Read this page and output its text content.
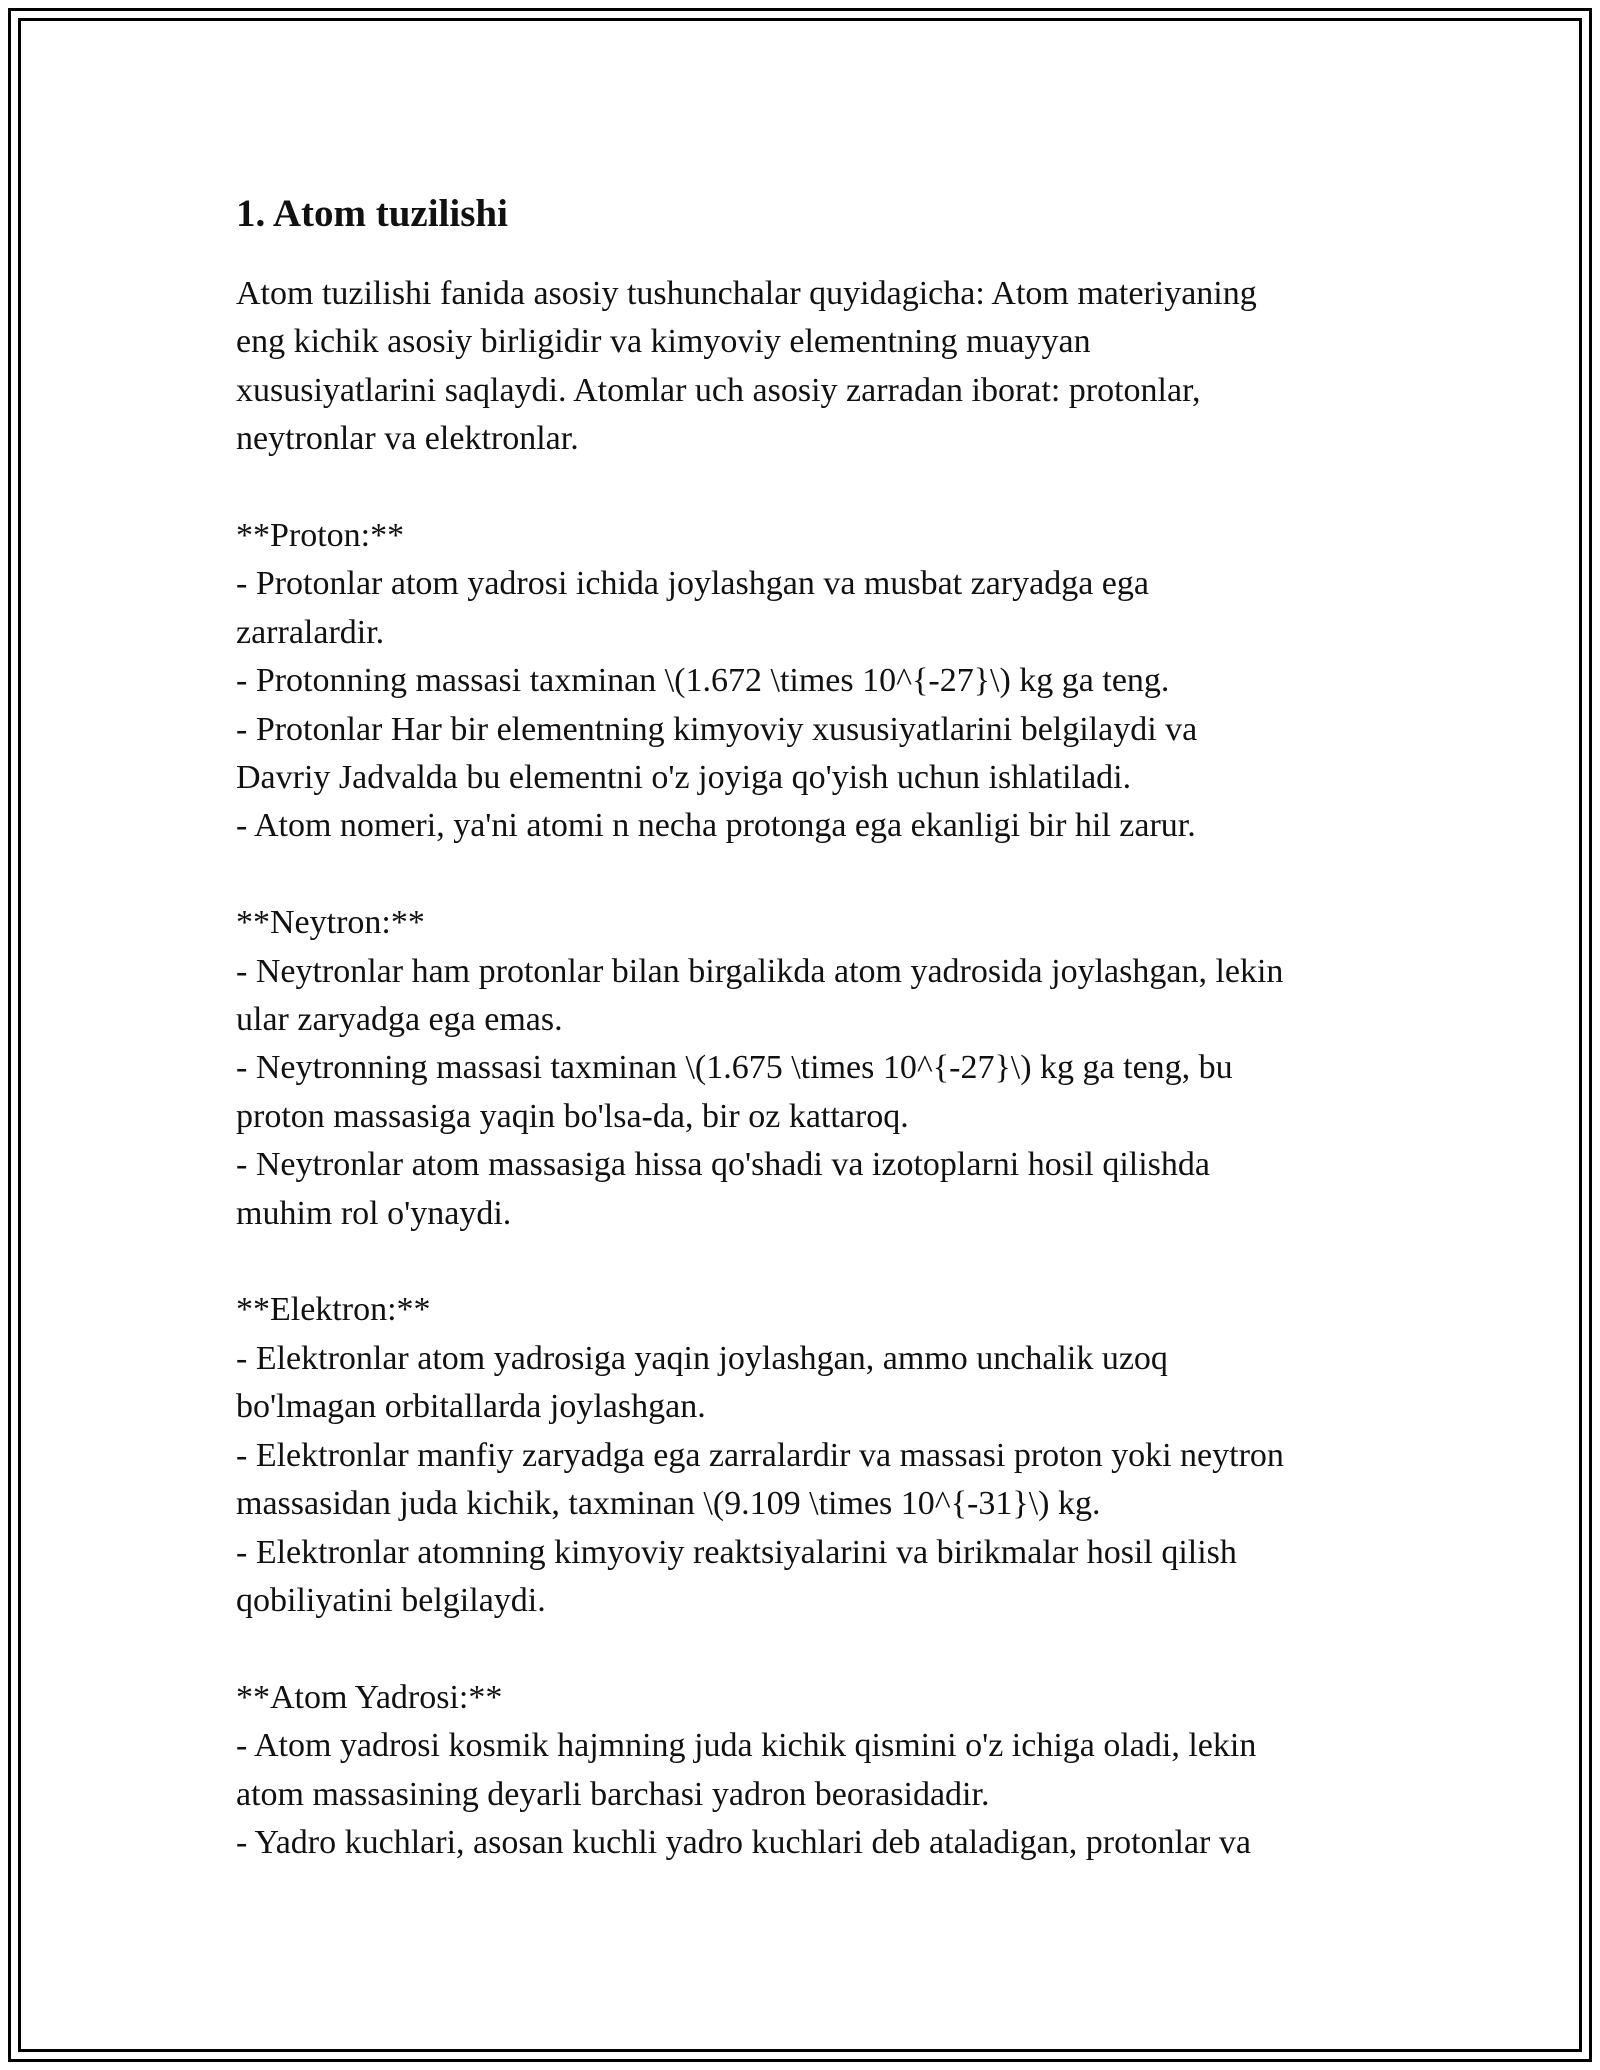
1. Atom tuzilishi
Atom tuzilishi fanida asosiy tushunchalar quyidagicha: Atom materiyaning
eng kichik asosiy birligidir va kimyoviy elementning muayyan
xususiyatlarini saqlaydi. Atomlar uch asosiy zarradan iborat: protonlar,
neytronlar va elektronlar.
**Proton:**
- Protonlar atom yadrosi ichida joylashgan va musbat zaryadga ega
zarralardir.
- Protonning massasi taxminan \(1.672 \times 10^{-27}\) kg ga teng.
- Protonlar Har bir elementning kimyoviy xususiyatlarini belgilaydi va
Davriy Jadvalda bu elementni o'z joyiga qo'yish uchun ishlatiladi.
- Atom nomeri, ya'ni atomi n necha protonga ega ekanligi bir hil zarur.
**Neytron:**
- Neytronlar ham protonlar bilan birgalikda atom yadrosida joylashgan, lekin
ular zaryadga ega emas.
- Neytronning massasi taxminan \(1.675 \times 10^{-27}\) kg ga teng, bu
proton massasiga yaqin bo'lsa-da, bir oz kattaroq.
- Neytronlar atom massasiga hissa qo'shadi va izotoplarni hosil qilishda
muhim rol o'ynaydi.
**Elektron:**
- Elektronlar atom yadrosiga yaqin joylashgan, ammo unchalik uzoq
bo'lmagan orbitallarda joylashgan.
- Elektronlar manfiy zaryadga ega zarralardir va massasi proton yoki neytron
massasidan juda kichik, taxminan \(9.109 \times 10^{-31}\) kg.
- Elektronlar atomning kimyoviy reaktsiyalarini va birikmalar hosil qilish
qobiliyatini belgilaydi.
**Atom Yadrosi:**
- Atom yadrosi kosmik hajmning juda kichik qismini o'z ichiga oladi, lekin
atom massasining deyarli barchasi yadron beorasidadir.
- Yadro kuchlari, asosan kuchli yadro kuchlari deb ataladigan, protonlar va
